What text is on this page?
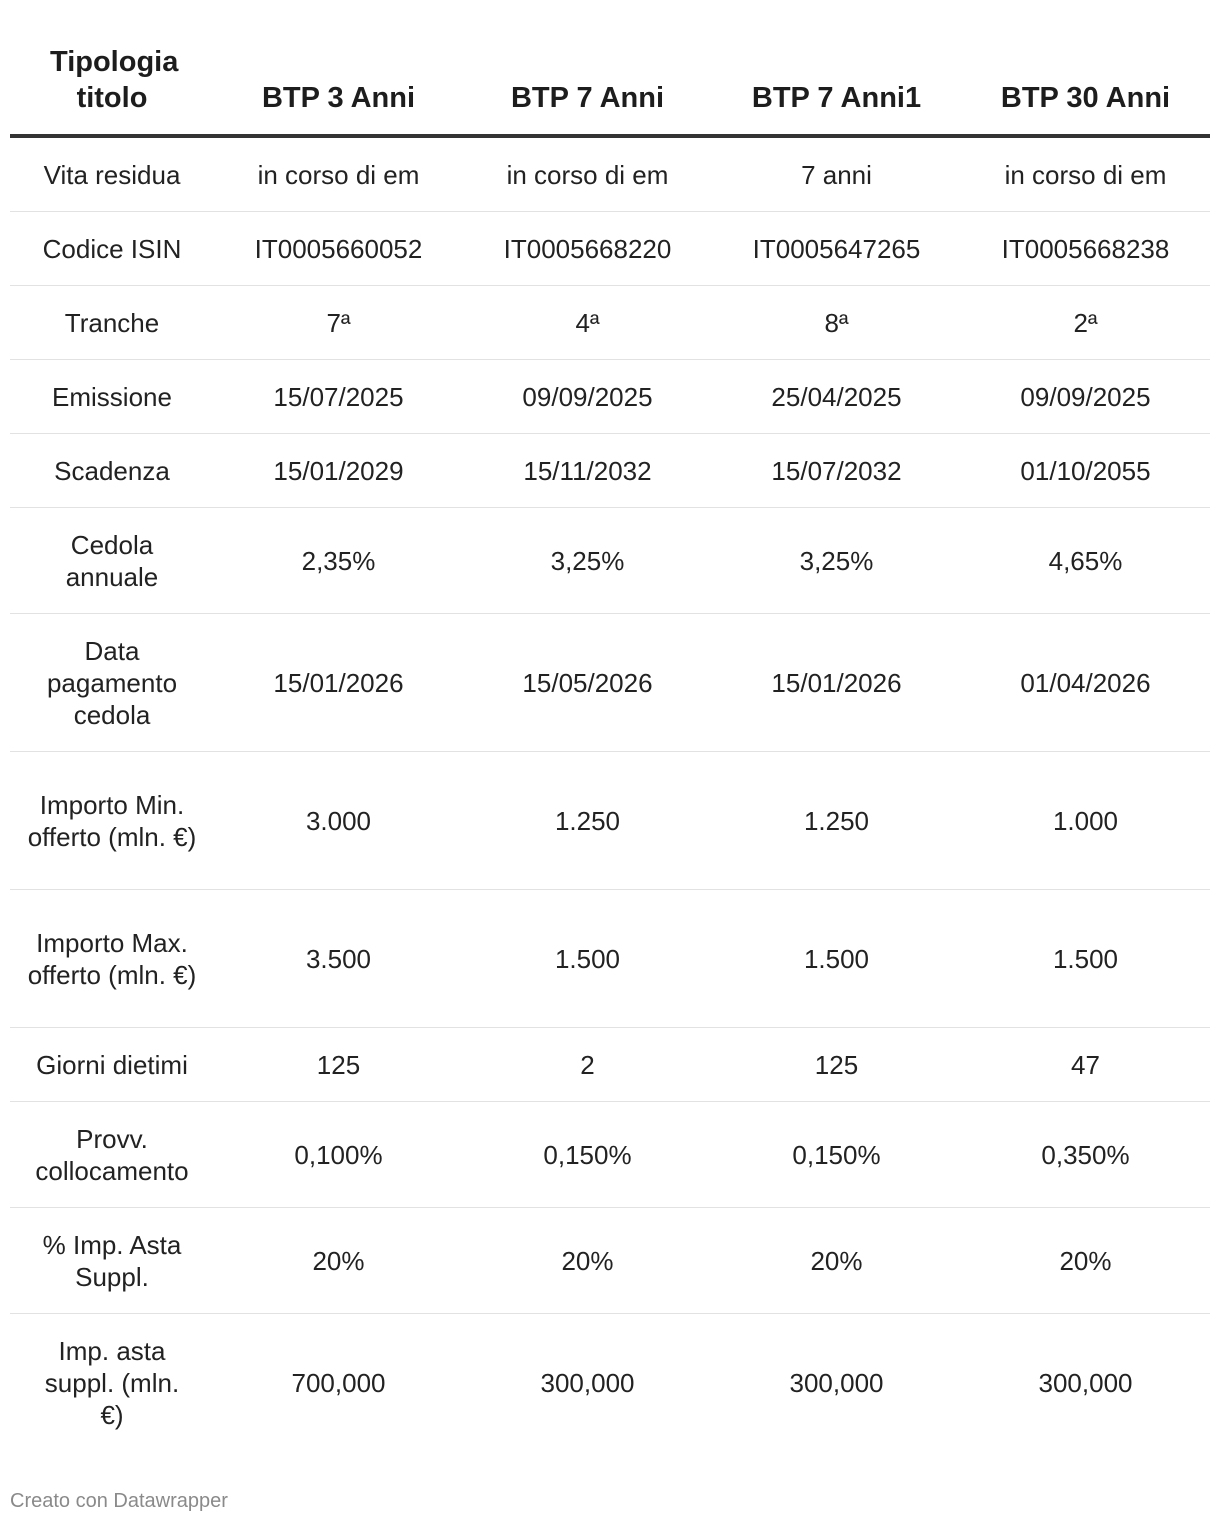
Tipologia titolo	BTP 3 Anni	BTP 7 Anni	BTP 7 Anni1	BTP 30 Anni
Vita residua	in corso di em	in corso di em	7 anni	in corso di em
Codice ISIN	IT0005660052	IT0005668220	IT0005647265	IT0005668238
Tranche	7ª	4ª	8ª	2ª
Emissione	15/07/2025	09/09/2025	25/04/2025	09/09/2025
Scadenza	15/01/2029	15/11/2032	15/07/2032	01/10/2055
Cedola annuale	2,35%	3,25%	3,25%	4,65%
Data pagamento cedola	15/01/2026	15/05/2026	15/01/2026	01/04/2026
Importo Min. offerto (mln. €)	3.000	1.250	1.250	1.000
Importo Max. offerto (mln. €)	3.500	1.500	1.500	1.500
Giorni dietimi	125	2	125	47
Provv. collocamento	0,100%	0,150%	0,150%	0,350%
% Imp. Asta Suppl.	20%	20%	20%	20%
Imp. asta suppl. (mln. €)	700,000	300,000	300,000	300,000
Creato con Datawrapper
